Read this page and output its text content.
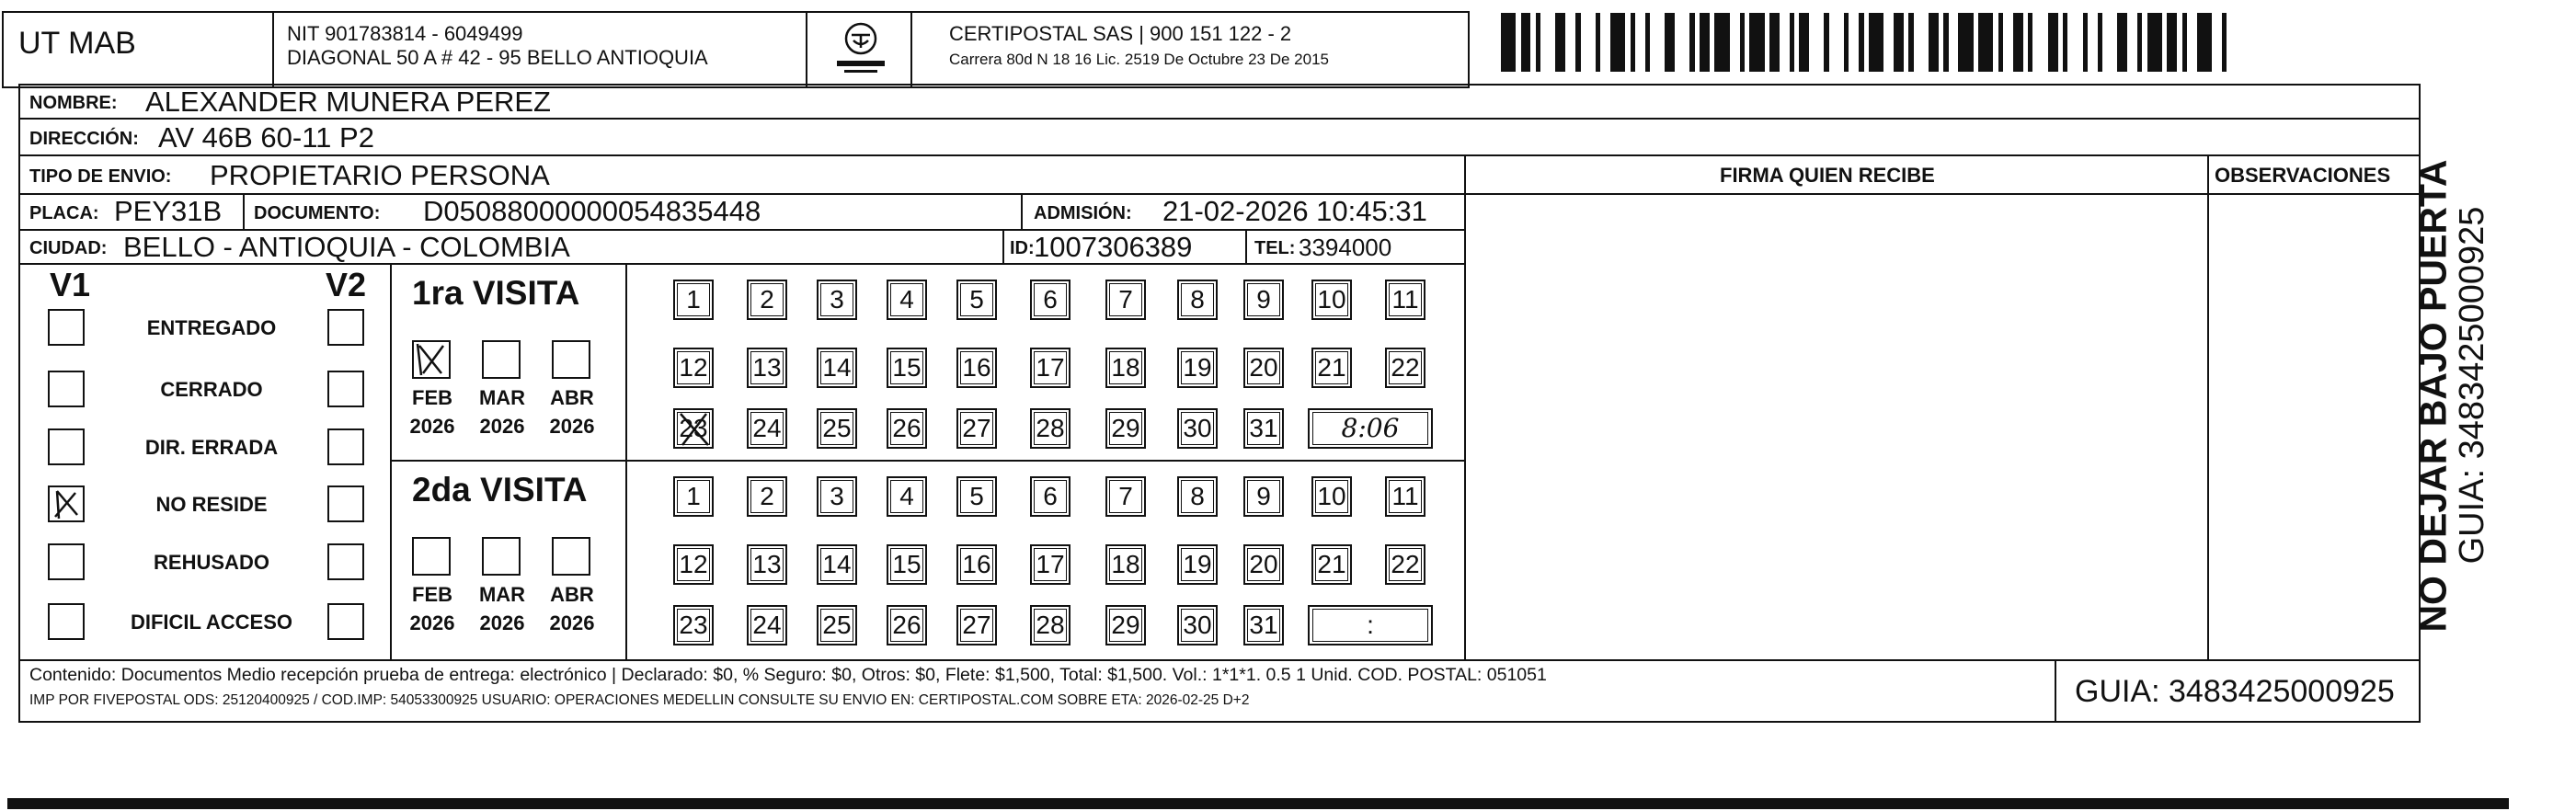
UT MAB	NIT 901783814 - 6049499
DIAGONAL 50 A # 42 - 95 BELLO ANTIOQUIA
CERTIPOSTAL SAS | 900 151 122 - 2
Carrera 80d N 18 16 Lic. 2519 De Octubre 23 De 2015
NOMBRE: ALEXANDER MUNERA PEREZ
DIRECCIÓN: AV 46B 60-11 P2
TIPO DE ENVIO: PROPIETARIO PERSONA	FIRMA QUIEN RECIBE	OBSERVACIONES
PLACA: PEY31B DOCUMENTO: D05088000000054835448	ADMISIÓN: 21-02-2026 10:45:31
CIUDAD: BELLO - ANTIOQUIA - COLOMBIA	ID: 1007306389	TEL: 3394000
V1	V2
ENTREGADO
CERRADO
DIR. ERRADA
NO RESIDE
REHUSADO
DIFICIL ACCESO
1ra VISITA
FEB
2026
MAR
2026
ABR
2026
1	2	3	4	5	6	7	8	9	10 11
12 13 14 15 16 17 18 19 20 21 22
23 24 25 26 27 28 29 30 31	8:06
2da VISITA
FEB
2026
MAR
2026
ABR
2026
1	2	3	4	5	6	7	8	9	10 11
12 13 14 15 16 17 18 19 20 21 22
23 24 25 26 27 28 29 30 31	:
Contenido: Documentos Medio recepción prueba de entrega: electrónico | Declarado: $0, % Seguro: $0, Otros: $0, Flete: $1,500, Total: $1,500. Vol.: 1*1*1. 0.5 1 Unid. COD. POSTAL: 051051
IMP POR FIVEPOSTAL ODS: 25120400925 / COD.IMP: 54053300925 USUARIO: OPERACIONES MEDELLIN CONSULTE SU ENVIO EN: CERTIPOSTAL.COM SOBRE ETA: 2026-02-25 D+2	GUIA: 3483425000925
NO DEJAR BAJO PUERTA
GUIA: 3483425000925
